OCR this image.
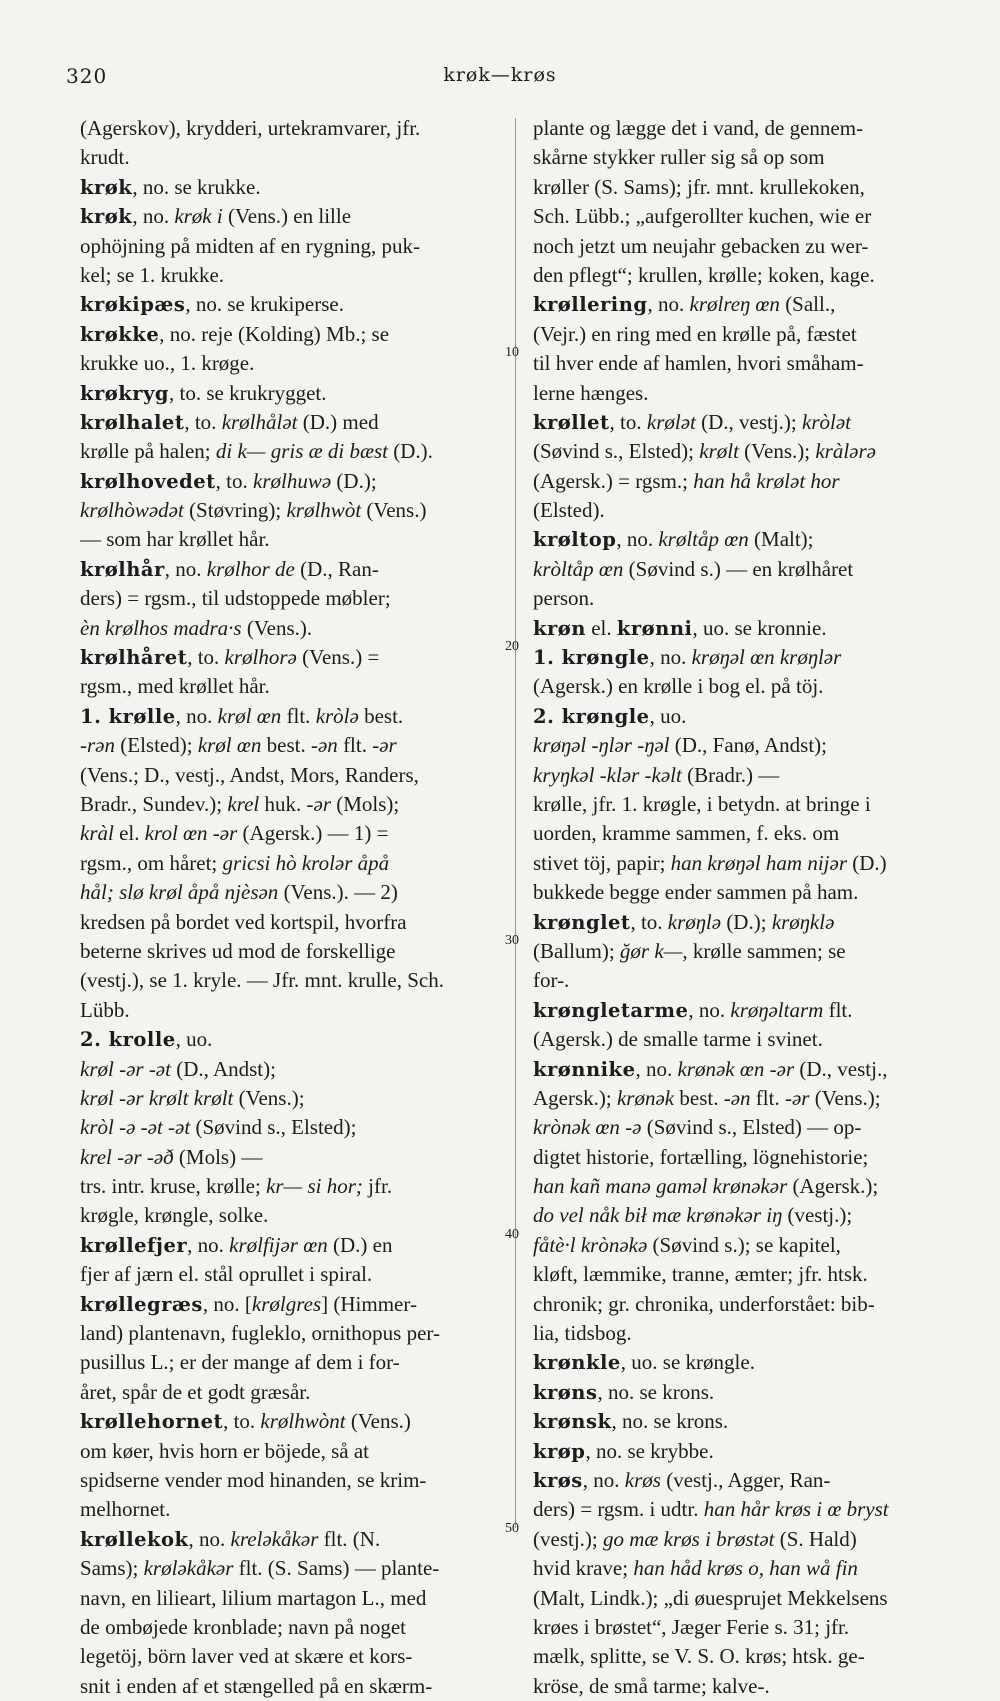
320	krøk—krøs
(Agerskov), krydderi, urtekramvarer, jfr.
krudt.
krøk, no. se krukke.
krøk, no. krøk i (Vens.) en lille
ophöjning på midten af en rygning, puk-
kel; se 1. krukke.
krøkipæs, no. se krukiperse.
krøkke, no. reje (Kolding) Mb.; se
krukke uo., 1. krøge.
krøkryg, to. se krukrygget.
krølhalet, to. krølhålət (D.) med
krølle på halen; di k— gris æ di bæst (D.).
krølhovedet, to. krølhuwə (D.);
krølhòwədət (Støvring); krølhwòt (Vens.)
— som har krøllet hår.
krølhår, no. krølhor de (D., Ran-
ders) = rgsm., til udstoppede møbler;
èn krølhos madra·s (Vens.).
krølhåret, to. krølhorə (Vens.) =
rgsm., med krøllet hår.
1. krølle, no. krøl œn flt. kròlə best.
-rən (Elsted); krøl œn best. -ən flt. -ər
(Vens.; D., vestj., Andst, Mors, Randers,
Bradr., Sundev.); krel huk. -ər (Mols);
kràl el. krol œn -ər (Agersk.) — 1) =
rgsm., om håret; gricsi hò krolər åpå
hål; slø krøl åpå njèsən (Vens.). — 2)
kredsen på bordet ved kortspil, hvorfra
beterne skrives ud mod de forskellige
(vestj.), se 1. kryle. — Jfr. mnt. krulle, Sch.
Lübb.
2. krolle, uo.
krøl -ər -ət (D., Andst);
krøl -ər krølt krølt (Vens.);
kròl -ə -ət -ət (Søvind s., Elsted);
krel -ər -əð (Mols) —
trs. intr. kruse, krølle; kr— si hor; jfr.
krøgle, krøngle, solke.
krøllefjer, no. krølfijər œn (D.) en
fjer af jærn el. stål oprullet i spiral.
krøllegræs, no. [krølgres] (Himmer-
land) plantenavn, fugleklo, ornithopus per-
pusillus L.; er der mange af dem i for-
året, spår de et godt græsår.
krøllehornet, to. krølhwònt (Vens.)
om køer, hvis horn er böjede, så at
spidserne vender mod hinanden, se krim-
melhornet.
krøllekok, no. krelәkåkər flt. (N.
Sams); krøləkåkər flt. (S. Sams) — plante-
navn, en liliеart, lilium martagon L., med
de ombøjede kronblade; navn på noget
legetöj, börn laver ved at skære et kors-
snit i enden af et stængelled på en skærm-
plante og lægge det i vand, de gennem-
skårne stykker ruller sig så op som
krøller (S. Sams); jfr. mnt. krullekoken,
Sch. Lübb.; „aufgerollter kuchen, wie er
noch jetzt um neujahr gebacken zu wer-
den pflegt“; krullen, krølle; koken, kage.
krøllering, no. krølreŋ œn (Sall.,
(Vejr.) en ring med en krølle på, fæstet
til hver ende af hamlen, hvori småham-
lerne hænges.
krøllet, to. krølət (D., vestj.); kròlət
(Søvind s., Elsted); krølt (Vens.); kràlərə
(Agersk.) = rgsm.; han hå krølət hor
(Elsted).
krøltop, no. krøltåp œn (Malt);
kròltåp œn (Søvind s.) — en krølhåret
person.
krøn el. krønni, uo. se kronnie.
1. krøngle, no. krøŋəl œn krøŋlər
(Agersk.) en krølle i bog el. på töj.
2. krøngle, uo.
krøŋəl -ŋlər -ŋəl (D., Fanø, Andst);
kryŋkəl -klər -kəlt (Bradr.) —
krølle, jfr. 1. krøgle, i betydn. at bringe i
uorden, kramme sammen, f. eks. om
stivet töj, papir; han krøŋəl ham nijər (D.)
bukkede begge ender sammen på ham.
krønglet, to. krøŋlə (D.); krøŋklə
(Ballum); ğør k—, krølle sammen; se
for-.
krøngletarme, no. krøŋəltarm flt.
(Agersk.) de smalle tarme i svinet.
krønnike, no. krønək œn -ər (D., vestj.,
Agersk.); krønək best. -ən flt. -ər (Vens.);
krònək œn -ə (Søvind s., Elsted) — op-
digtet historie, fortælling, lögnehistorie;
han kañ manə gaməl krønəkər (Agersk.);
do vel nåk bił mæ krønəkər iŋ (vestj.);
fåtè·l krònəkə (Søvind s.); se kapitel,
kløft, læmmike, tranne, æmter; jfr. htsk.
chronik; gr. chronika, underforstået: bib-
lia, tidsbog.
krønkle, uo. se krøngle.
krøns, no. se krons.
krønsk, no. se krons.
krøp, no. se krybbe.
krøs, no. krøs (vestj., Agger, Ran-
ders) = rgsm. i udtr. han hår krøs i œ bryst
(vestj.); go mæ krøs i brøstət (S. Hald)
hvid krave; han håd krøs o, han wå fin
(Malt, Lindk.); „di øuesprujet Mekkelsens
krøes i brøstet“, Jæger Ferie s. 31; jfr.
mælk, splitte, se V. S. O. krøs; htsk. ge-
kröse, de små tarme; kalve-.
10
20
30
40
50
